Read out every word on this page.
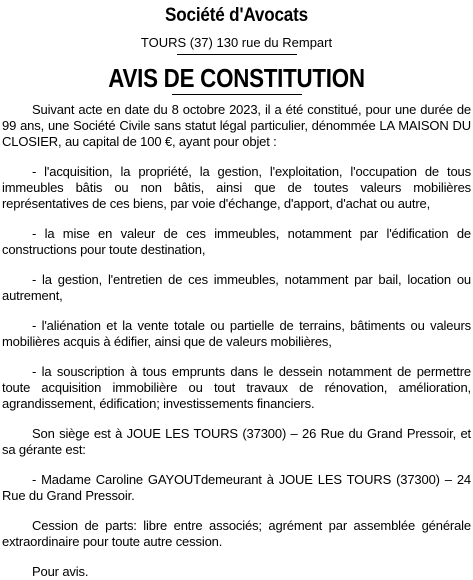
Société d'Avocats
TOURS (37) 130 rue du Rempart
AVIS DE CONSTITUTION

Suivant acte en date du 8 octobre 2023, il a été constitué, pour une durée de 99 ans, une Société Civile sans statut légal particulier, dénommée LA MAISON DU CLOSIER, au capital de 100 €, ayant pour objet :

- l'acquisition, la propriété, la gestion, l'exploitation, l'occupation de tous immeubles bâtis ou non bâtis, ainsi que de toutes valeurs mobilières représentatives de ces biens, par voie d'échange, d'apport, d'achat ou autre,

- la mise en valeur de ces immeubles, notamment par l'édification de constructions pour toute destination,

- la gestion, l'entretien de ces immeubles, notamment par bail, location ou autrement,

- l'aliénation et la vente totale ou partielle de terrains, bâtiments ou valeurs mobilières acquis à édifier, ainsi que de valeurs mobilières,

- la souscription à tous emprunts dans le dessein notamment de permettre toute acquisition immobilière ou tout travaux de rénovation, amélioration, agrandissement, édification; investissements financiers.

Son siège est à JOUE LES TOURS (37300) – 26 Rue du Grand Pressoir, et sa gérante est:

- Madame Caroline GAYOUTdemeurant à JOUE LES TOURS (37300) – 24 Rue du Grand Pressoir.

Cession de parts: libre entre associés; agrément par assemblée générale extraordinaire pour toute autre cession.

Pour avis.
